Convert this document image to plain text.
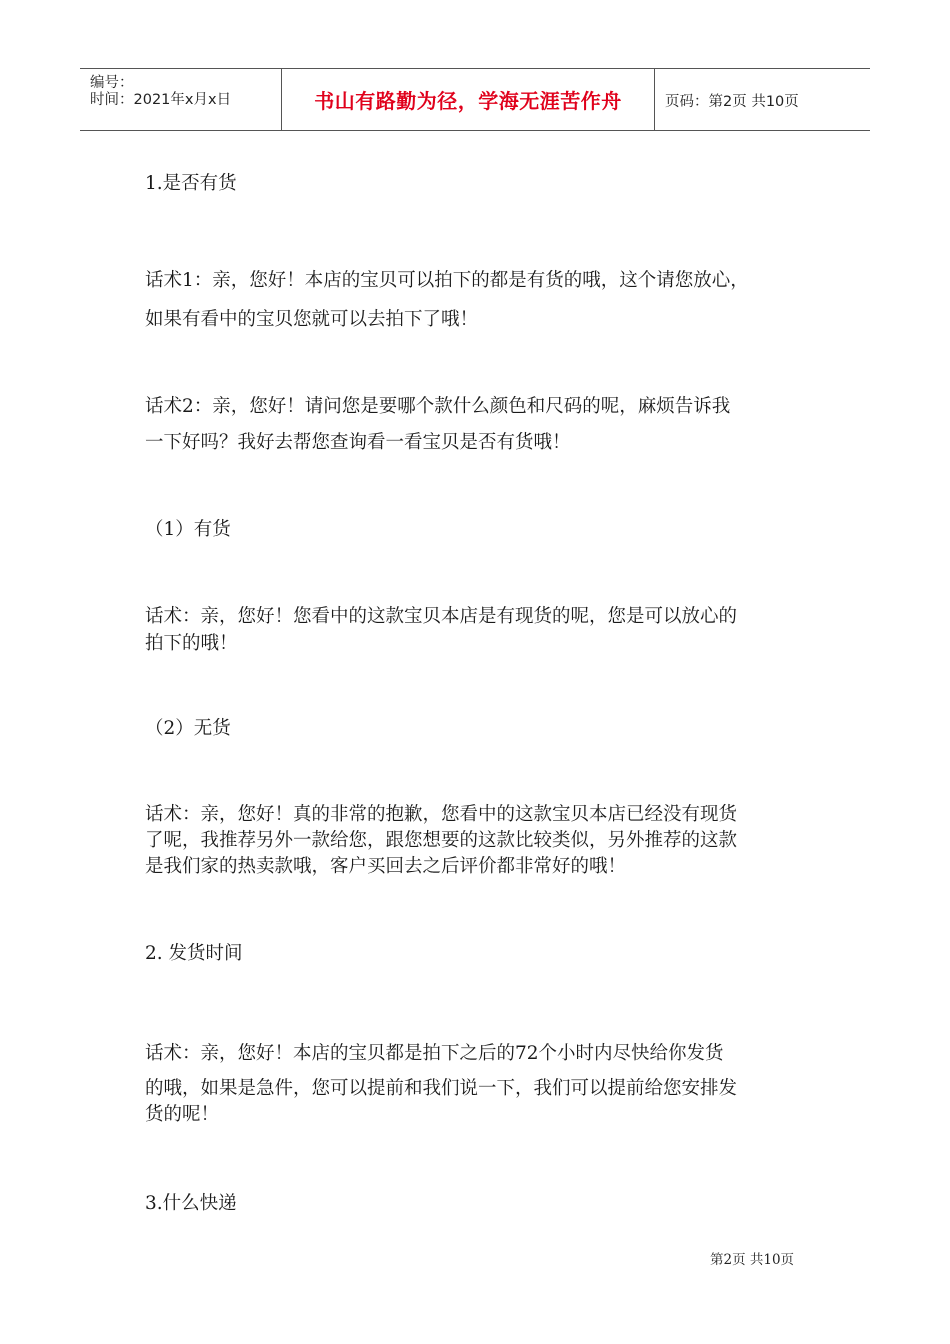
编号：
时间：2021年x月x日	书山有路勤为径，学海无涯苦作舟	页码：第2页 共10页
1.是否有货
话术1：亲，您好！本店的宝贝可以拍下的都是有货的哦，这个请您放心，
如果有看中的宝贝您就可以去拍下了哦！
话术2：亲，您好！请问您是要哪个款什么颜色和尺码的呢，麻烦告诉我
一下好吗？我好去帮您查询看一看宝贝是否有货哦！
（1）有货
话术：亲，您好！您看中的这款宝贝本店是有现货的呢，您是可以放心的
拍下的哦！
（2）无货
话术：亲，您好！真的非常的抱歉，您看中的这款宝贝本店已经没有现货
了呢，我推荐另外一款给您，跟您想要的这款比较类似，另外推荐的这款
是我们家的热卖款哦，客户买回去之后评价都非常好的哦！
2. 发货时间
话术：亲，您好！本店的宝贝都是拍下之后的72个小时内尽快给你发货
的哦，如果是急件，您可以提前和我们说一下，我们可以提前给您安排发
货的呢！
3.什么快递
第2页 共10页
